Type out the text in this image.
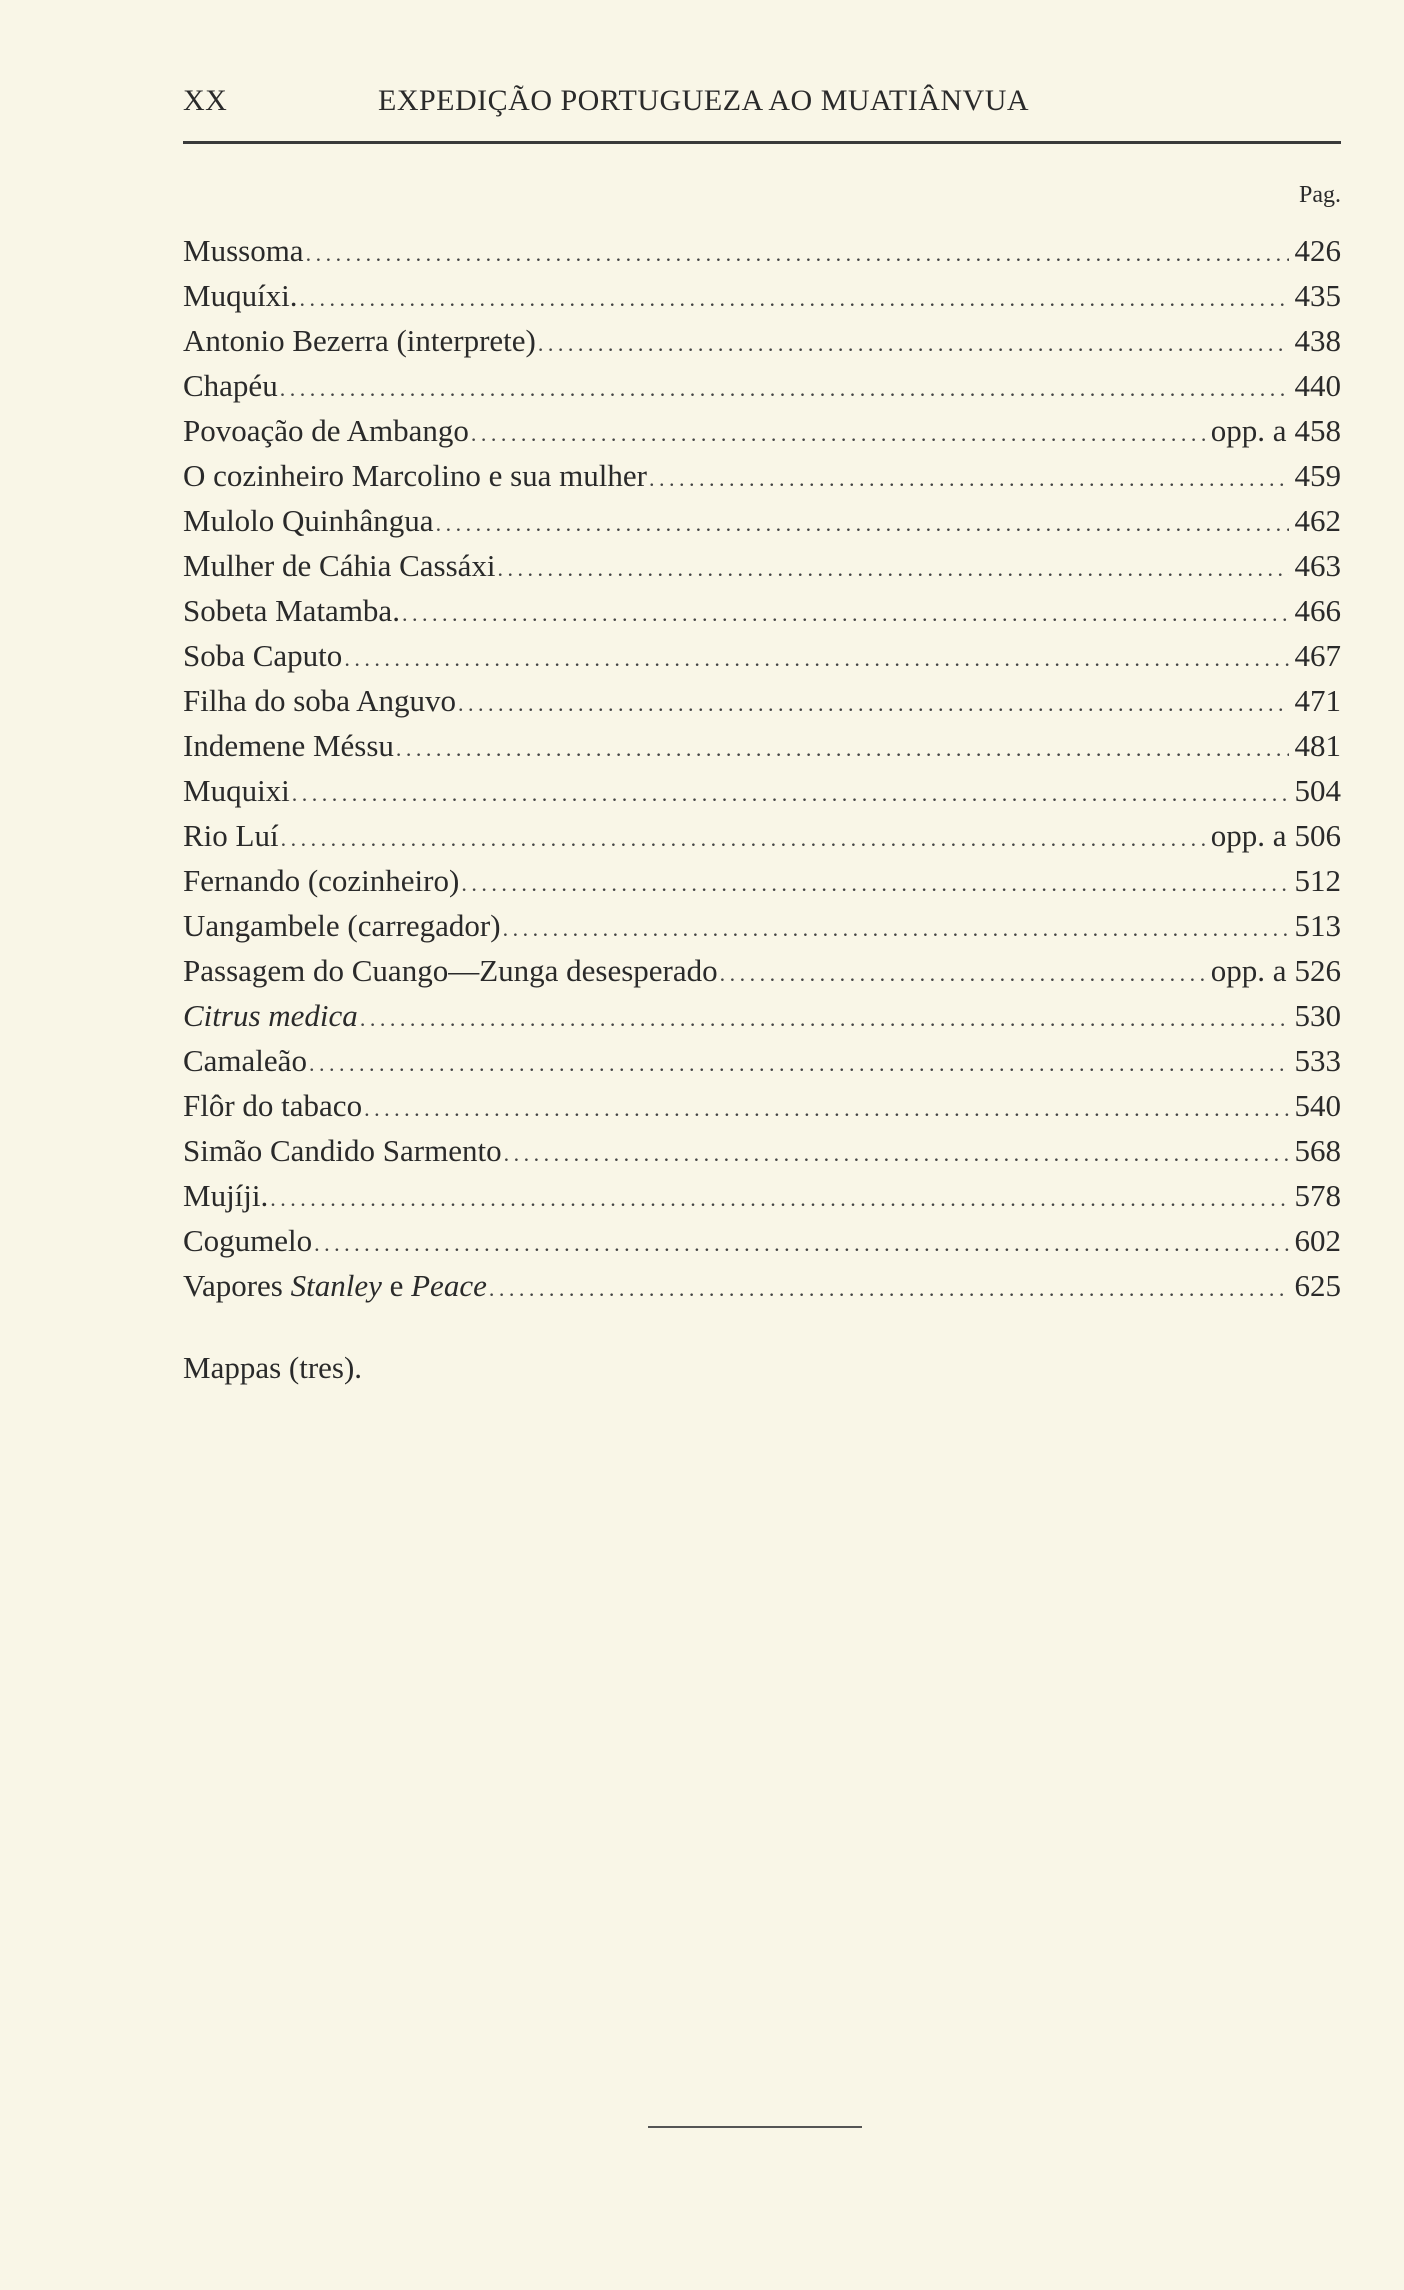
XX	EXPEDIÇÃO PORTUGUEZA AO MUATIÂNVUA
Pag.
Mussoma . . .	426
Muquíxi. . . .	435
Antonio Bezerra (interprete) . . .	438
Chapéu . . .	440
Povoação de Ambango . . .	opp. a 458
O cozinheiro Marcolino e sua mulher . . .	459
Mulolo Quinhângua . . .	462
Mulher de Cáhia Cassáxi . . .	463
Sobeta Matamba. . . .	466
Soba Caputo . . .	467
Filha do soba Anguvo . . .	471
Indemene Méssu . . .	481
Muquixi . . .	504
Rio Luí . . .	opp. a 506
Fernando (cozinheiro) . . .	512
Uangambele (carregador) . . .	513
Passagem do Cuango—Zunga desesperado . . .	opp. a 526
Citrus medica . . .	530
Camaleão . . .	533
Flôr do tabaco . . .	540
Simão Candido Sarmento . . .	568
Mujíji. . . .	578
Cogumelo . . .	602
Vapores Stanley e Peace . . .	625
Mappas (tres).
